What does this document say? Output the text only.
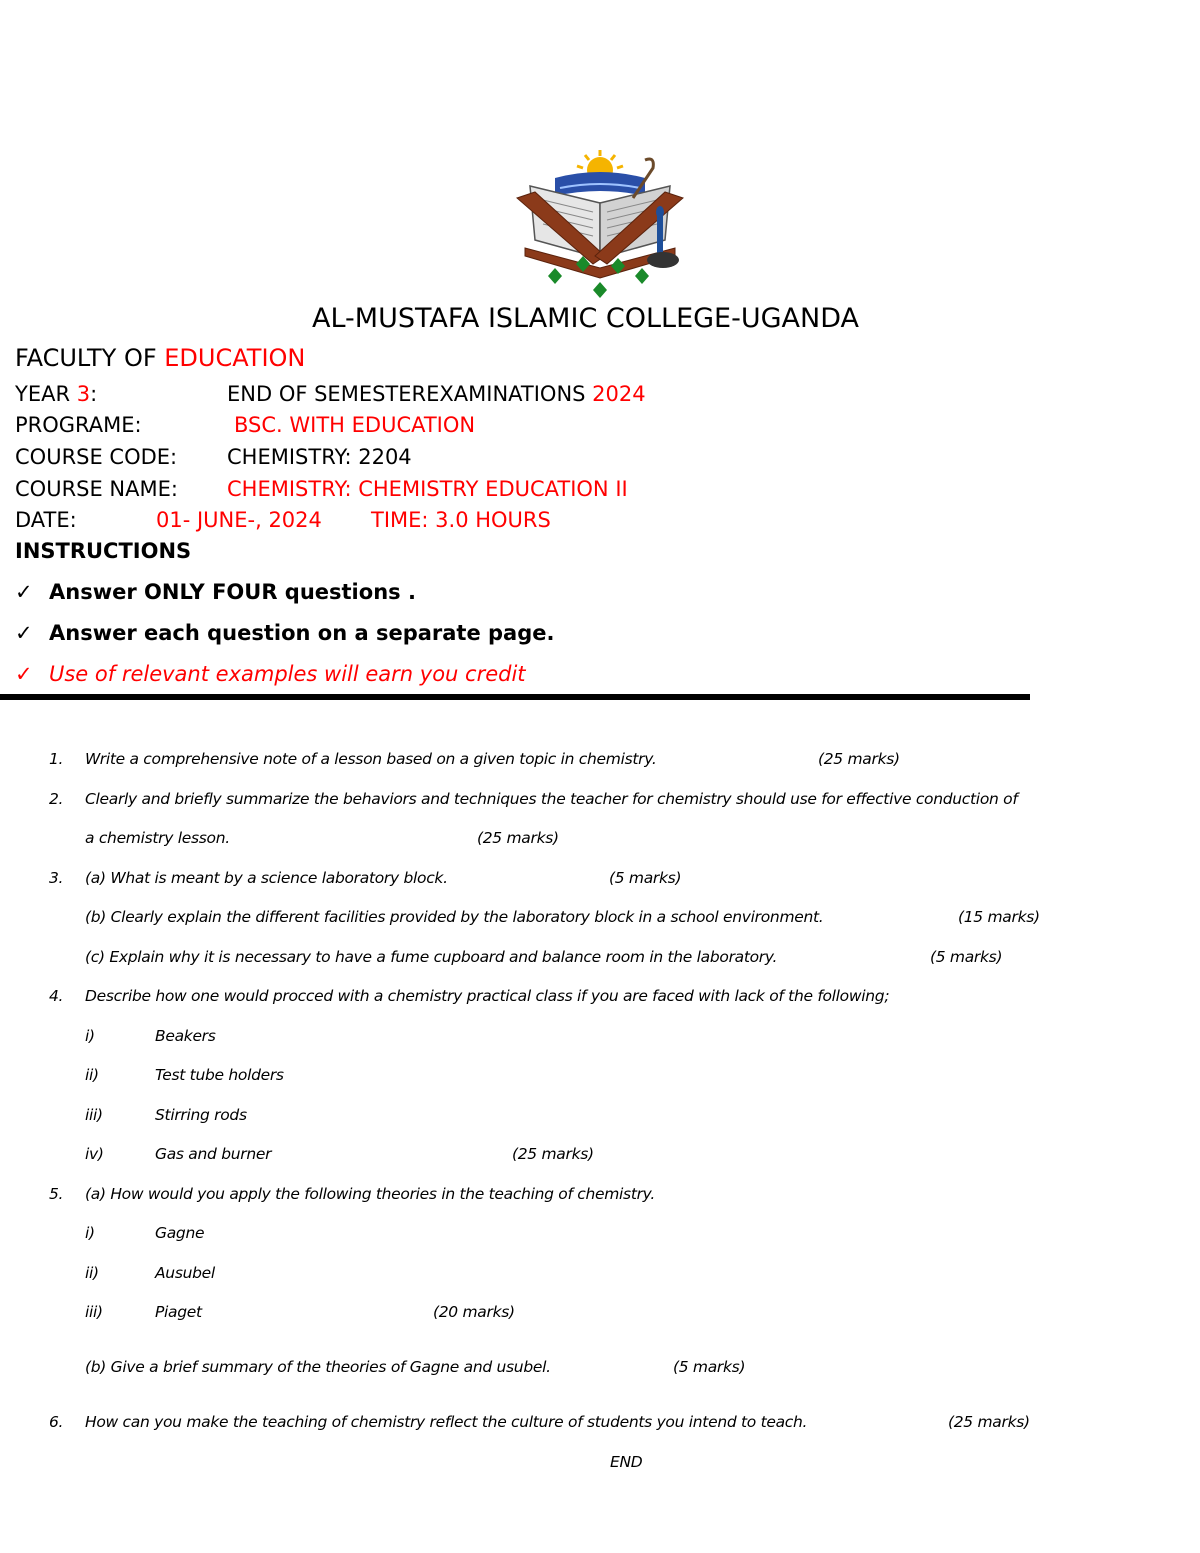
AL-MUSTAFA ISLAMIC COLLEGE-UGANDA
FACULTY OF EDUCATION
YEAR 3:	END OF SEMESTEREXAMINATIONS 2024
PROGRAME:	BSC. WITH EDUCATION
COURSE CODE: CHEMISTRY: 2204
COURSE NAME: CHEMISTRY: CHEMISTRY EDUCATION II
DATE:	01- JUNE-, 2024 TIME: 3.0 HOURS
INSTRUCTIONS
✓ Answer ONLY FOUR questions .
✓ Answer each question on a separate page.
✓ Use of relevant examples will earn you credit
1. Write a comprehensive note of a lesson based on a given topic in chemistry.	(25 marks)
2. Clearly and briefly summarize the behaviors and techniques the teacher for chemistry should use for effective conduction of
a chemistry lesson.	(25 marks)
3. (a) What is meant by a science laboratory block.	(5 marks)
(b) Clearly explain the different facilities provided by the laboratory block in a school environment.	(15 marks)
(c) Explain why it is necessary to have a fume cupboard and balance room in the laboratory.	(5 marks)
4. Describe how one would procced with a chemistry practical class if you are faced with lack of the following;
i)	Beakers
ii)	Test tube holders
iii)	Stirring rods
iv)	Gas and burner	(25 marks)
5. (a) How would you apply the following theories in the teaching of chemistry.
i)	Gagne
ii)	Ausubel
iii)	Piaget	(20 marks)
(b) Give a brief summary of the theories of Gagne and usubel.	(5 marks)
6. How can you make the teaching of chemistry reflect the culture of students you intend to teach.	(25 marks)
END
